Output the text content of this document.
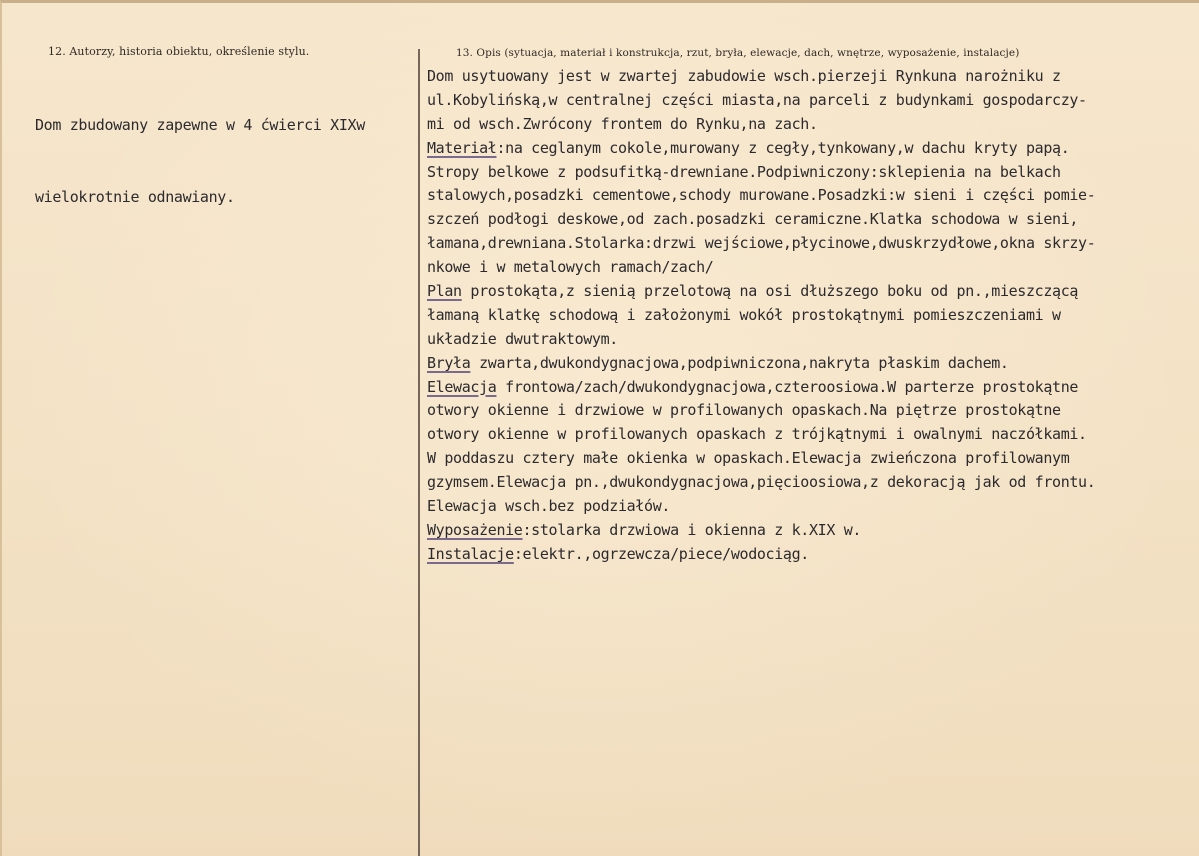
12. Autorzy, historia obiektu, określenie stylu.	13. Opis (sytuacja, materiał i konstrukcja, rzut, bryła, elewacje, dach, wnętrze, wyposażenie, instalacje)

Dom zbudowany zapewne w 4 ćwierci XIXw

wielokrotnie odnawiany.

Dom usytuowany jest w zwartej zabudowie wsch.pierzeji Rynkuna narożniku z
ul.Kobylińską,w centralnej części miasta,na parceli z budynkami gospodarczy-
mi od wsch.Zwrócony frontem do Rynku,na zach.
Materiał:na ceglanym cokole,murowany z cegły,tynkowany,w dachu kryty papą.
Stropy belkowe z podsufitką-drewniane.Podpiwniczony:sklepienia na belkach
stalowych,posadzki cementowe,schody murowane.Posadzki:w sieni i części pomie-
szczeń podłogi deskowe,od zach.posadzki ceramiczne.Klatka schodowa w sieni,
łamana,drewniana.Stolarka:drzwi wejściowe,płycinowe,dwuskrzydłowe,okna skrzy-
nkowe i w metalowych ramach/zach/
Plan prostokąta,z sienią przelotową na osi dłuższego boku od pn.,mieszczącą
łamaną klatkę schodową i założonymi wokół prostokątnymi pomieszczeniami w
układzie dwutraktowym.
Bryła zwarta,dwukondygnacjowa,podpiwniczona,nakryta płaskim dachem.
Elewacja frontowa/zach/dwukondygnacjowa,czteroosiowa.W parterze prostokątne
otwory okienne i drzwiowe w profilowanych opaskach.Na piętrze prostokątne
otwory okienne w profilowanych opaskach z trójkątnymi i owalnymi naczółkami.
W poddaszu cztery małe okienka w opaskach.Elewacja zwieńczona profilowanym
gzymsem.Elewacja pn.,dwukondygnacjowa,pięcioosiowa,z dekoracją jak od frontu.
Elewacja wsch.bez podziałów.
Wyposażenie:stolarka drzwiowa i okienna z k.XIX w.
Instalacje:elektr.,ogrzewcza/piece/wodociąg.
